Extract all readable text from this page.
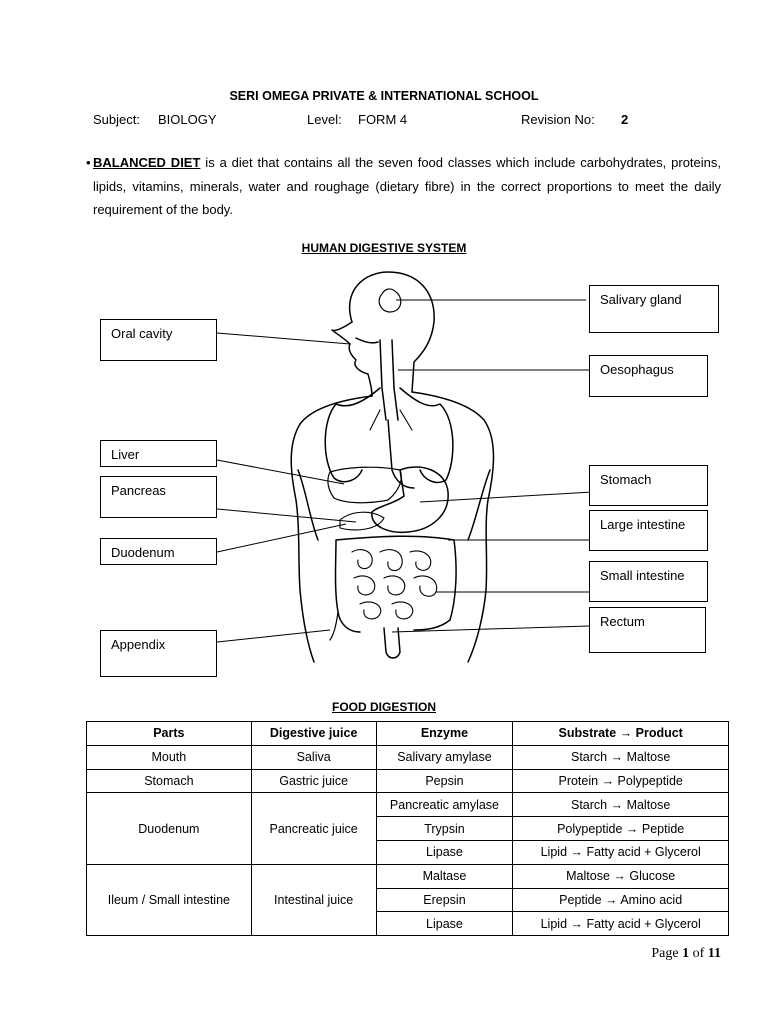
SERI OMEGA PRIVATE & INTERNATIONAL SCHOOL
Subject: BIOLOGY	Level: FORM 4	Revision No: 2
• BALANCED DIET is a diet that contains all the seven food classes which include carbohydrates, proteins, lipids, vitamins, minerals, water and roughage (dietary fibre) in the correct proportions to meet the daily requirement of the body.
HUMAN DIGESTIVE SYSTEM
Salivary gland
Oral cavity
Oesophagus
Liver
Pancreas
Stomach
Large intestine
Duodenum
Small intestine
Rectum
Appendix
FOOD DIGESTION
Parts	Digestive juice	Enzyme	Substrate → Product
Mouth	Saliva	Salivary amylase	Starch → Maltose
Stomach	Gastric juice	Pepsin	Protein → Polypeptide
Duodenum	Pancreatic juice	Pancreatic amylase	Starch → Maltose
		Trypsin	Polypeptide → Peptide
		Lipase	Lipid → Fatty acid + Glycerol
Ileum / Small intestine	Intestinal juice	Maltase	Maltose → Glucose
		Erepsin	Peptide → Amino acid
		Lipase	Lipid → Fatty acid + Glycerol
Page 1 of 11
